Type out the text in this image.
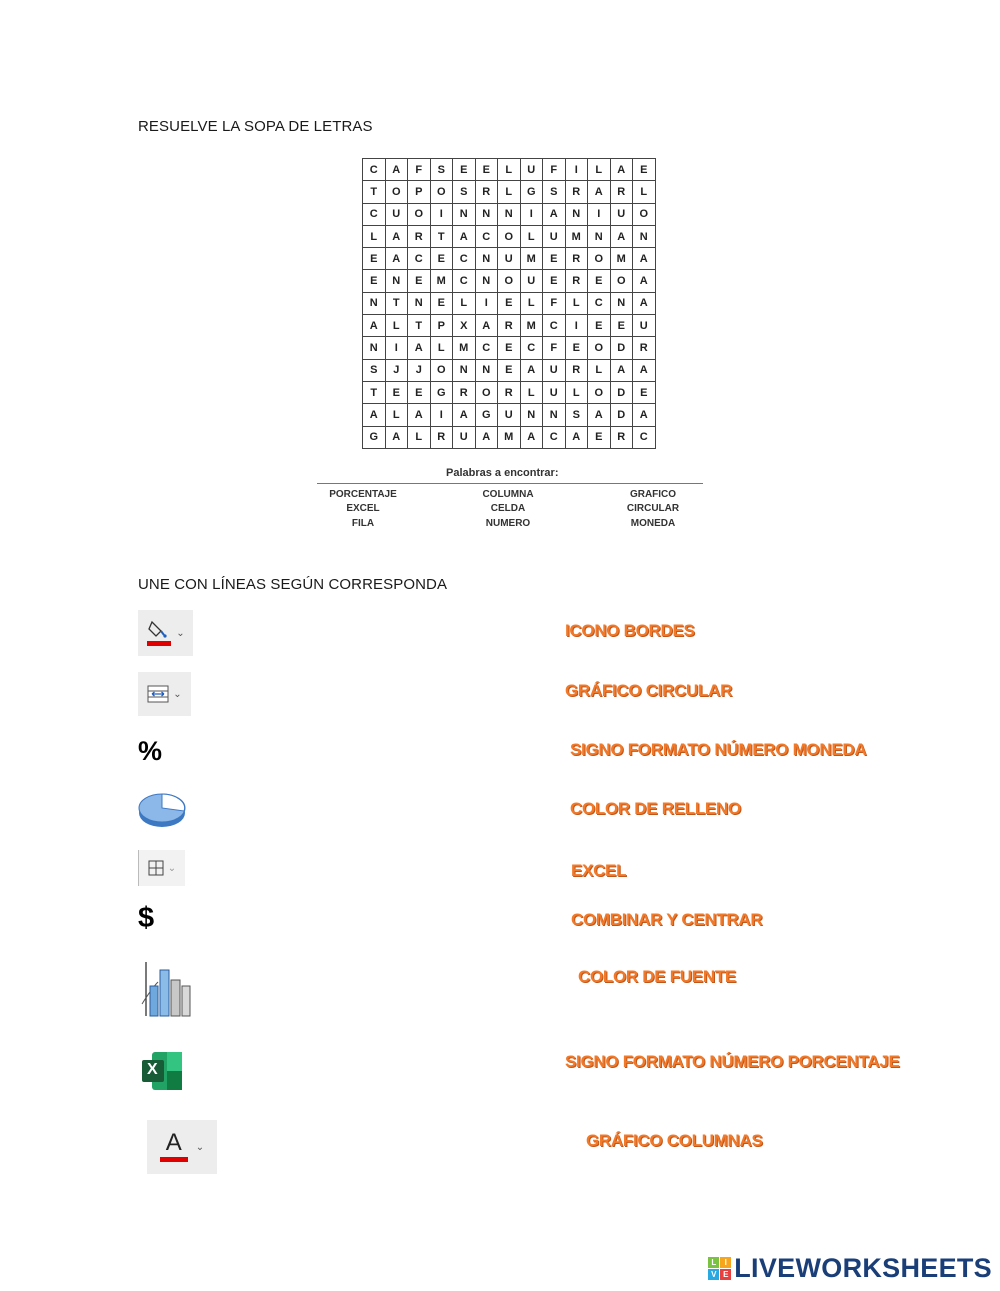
RESUELVE LA SOPA DE LETRAS
C	A	F	S	E	E	L	U	F	I	L	A	E
T	O	P	O	S	R	L	G	S	R	A	R	L
C	U	O	I	N	N	N	I	A	N	I	U	O
L	A	R	T	A	C	O	L	U	M	N	A	N
E	A	C	E	C	N	U	M	E	R	O	M	A
E	N	E	M	C	N	O	U	E	R	E	O	A
N	T	N	E	L	I	E	L	F	L	C	N	A
A	L	T	P	X	A	R	M	C	I	E	E	U
N	I	A	L	M	C	E	C	F	E	O	D	R
S	J	J	O	N	N	E	A	U	R	L	A	A
T	E	E	G	R	O	R	L	U	L	O	D	E
A	L	A	I	A	G	U	N	N	S	A	D	A
G	A	L	R	U	A	M	A	C	A	E	R	C
Palabras a encontrar:
PORCENTAJE	COLUMNA	GRAFICO
EXCEL	CELDA	CIRCULAR
FILA	NUMERO	MONEDA
UNE CON LÍNEAS SEGÚN CORRESPONDA
⌄
⌄
%
⌄
$
X
A ⌄
ICONO BORDES
GRÁFICO CIRCULAR
SIGNO FORMATO NÚMERO MONEDA
COLOR DE RELLENO
EXCEL
COMBINAR Y CENTRAR
COLOR DE FUENTE
SIGNO FORMATO NÚMERO PORCENTAJE
GRÁFICO COLUMNAS
L	I
V E LIVEWORKSHEETS
